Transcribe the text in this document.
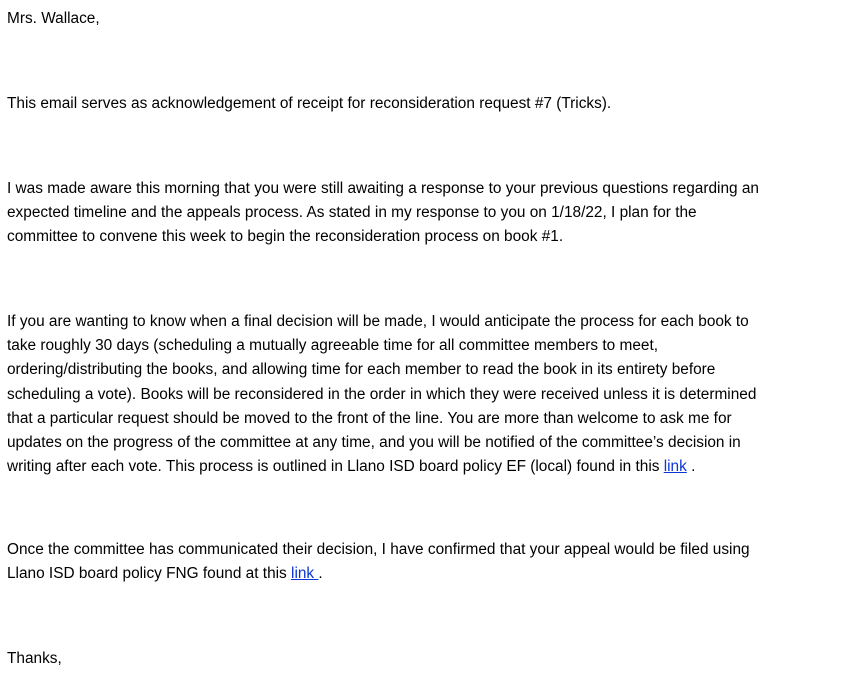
Mrs. Wallace,

This email serves as acknowledgement of receipt for reconsideration request #7 (Tricks).

I was made aware this morning that you were still awaiting a response to your previous questions regarding an
expected timeline and the appeals process. As stated in my response to you on 1/18/22, I plan for the
committee to convene this week to begin the reconsideration process on book #1.

If you are wanting to know when a final decision will be made, I would anticipate the process for each book to
take roughly 30 days (scheduling a mutually agreeable time for all committee members to meet,
ordering/distributing the books, and allowing time for each member to read the book in its entirety before
scheduling a vote). Books will be reconsidered in the order in which they were received unless it is determined
that a particular request should be moved to the front of the line. You are more than welcome to ask me for
updates on the progress of the committee at any time, and you will be notified of the committee’s decision in
writing after each vote. This process is outlined in Llano ISD board policy EF (local) found in this link .

Once the committee has communicated their decision, I have confirmed that your appeal would be filed using
Llano ISD board policy FNG found at this link .

Thanks,
